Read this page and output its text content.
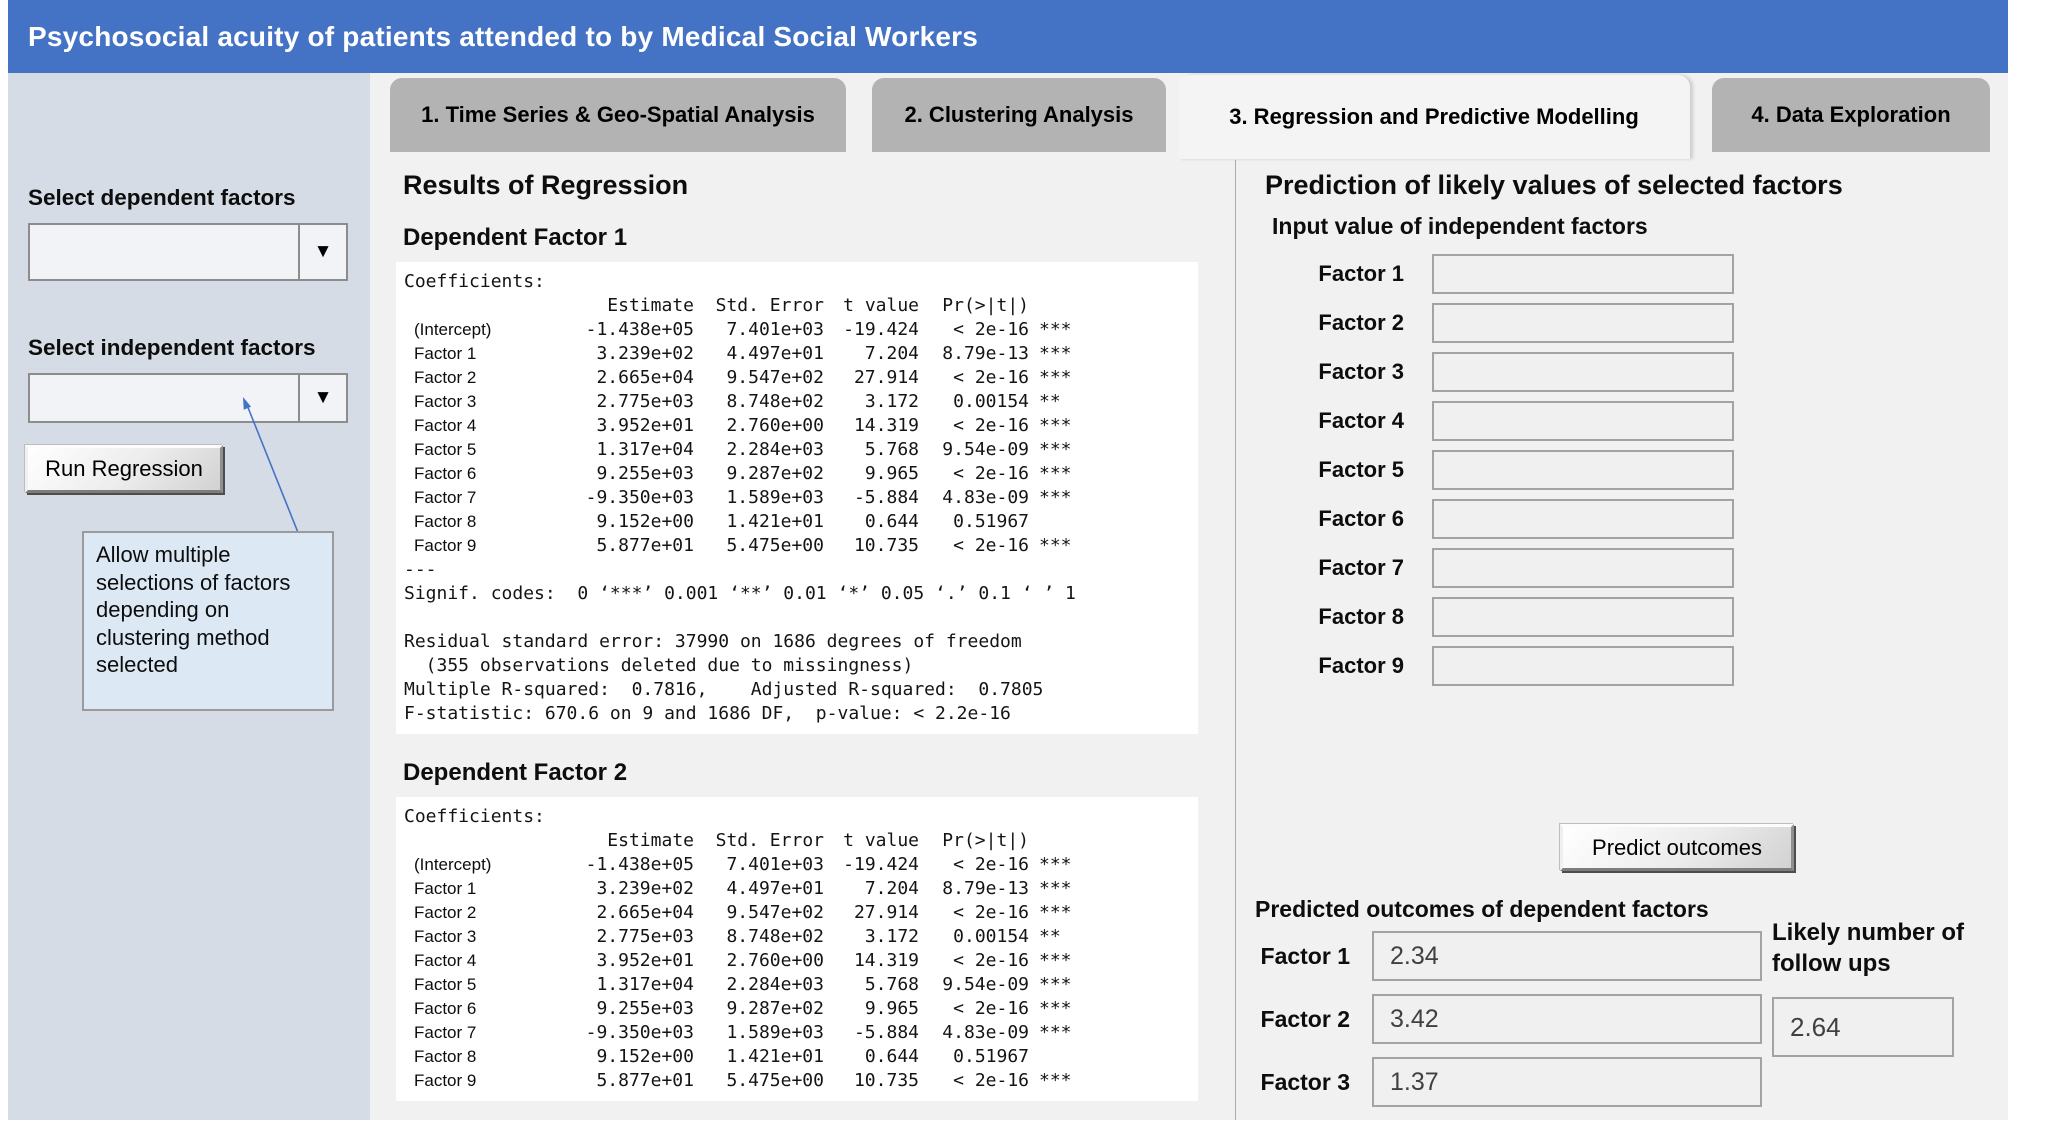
Psychosocial acuity of patients attended to by Medical Social Workers
Select dependent factors
▼
Select independent factors
▼
Run Regression
Allow multiple selections of factors depending on clustering method selected
1. Time Series & Geo-Spatial Analysis	2. Clustering Analysis	3. Regression and Predictive Modelling	4. Data Exploration
Results of Regression
Dependent Factor 1
Coefficients:
Estimate	Std. Error	t value	Pr(>|t|)
(Intercept)	-1.438e+05	7.401e+03	-19.424	< 2e-16 ***
Factor 1	3.239e+02	4.497e+01	7.204	8.79e-13 ***
Factor 2	2.665e+04	9.547e+02	27.914	< 2e-16 ***
Factor 3	2.775e+03	8.748e+02	3.172	0.00154 **
Factor 4	3.952e+01	2.760e+00	14.319	< 2e-16 ***
Factor 5	1.317e+04	2.284e+03	5.768	9.54e-09 ***
Factor 6	9.255e+03	9.287e+02	9.965	< 2e-16 ***
Factor 7	-9.350e+03	1.589e+03	-5.884	4.83e-09 ***
Factor 8	9.152e+00	1.421e+01	0.644	0.51967
Factor 9	5.877e+01	5.475e+00	10.735	< 2e-16 ***
---
Signif. codes:  0 ‘***’ 0.001 ‘**’ 0.01 ‘*’ 0.05 ‘.’ 0.1 ‘ ’ 1

Residual standard error: 37990 on 1686 degrees of freedom
(355 observations deleted due to missingness)
Multiple R-squared:  0.7816,    Adjusted R-squared:  0.7805
F-statistic: 670.6 on 9 and 1686 DF,  p-value: < 2.2e-16
Dependent Factor 2
Coefficients:
Estimate	Std. Error	t value	Pr(>|t|)
(Intercept)	-1.438e+05	7.401e+03	-19.424	< 2e-16 ***
Factor 1	3.239e+02	4.497e+01	7.204	8.79e-13 ***
Factor 2	2.665e+04	9.547e+02	27.914	< 2e-16 ***
Factor 3	2.775e+03	8.748e+02	3.172	0.00154 **
Factor 4	3.952e+01	2.760e+00	14.319	< 2e-16 ***
Factor 5	1.317e+04	2.284e+03	5.768	9.54e-09 ***
Factor 6	9.255e+03	9.287e+02	9.965	< 2e-16 ***
Factor 7	-9.350e+03	1.589e+03	-5.884	4.83e-09 ***
Factor 8	9.152e+00	1.421e+01	0.644	0.51967
Factor 9	5.877e+01	5.475e+00	10.735	< 2e-16 ***
Prediction of likely values of selected factors
Input value of independent factors
Factor 1
Factor 2
Factor 3
Factor 4
Factor 5
Factor 6
Factor 7
Factor 8
Factor 9
Predict outcomes
Predicted outcomes of dependent factors
Factor 1	2.34
Factor 2	3.42
Factor 3	1.37
Likely number of follow ups
2.64
